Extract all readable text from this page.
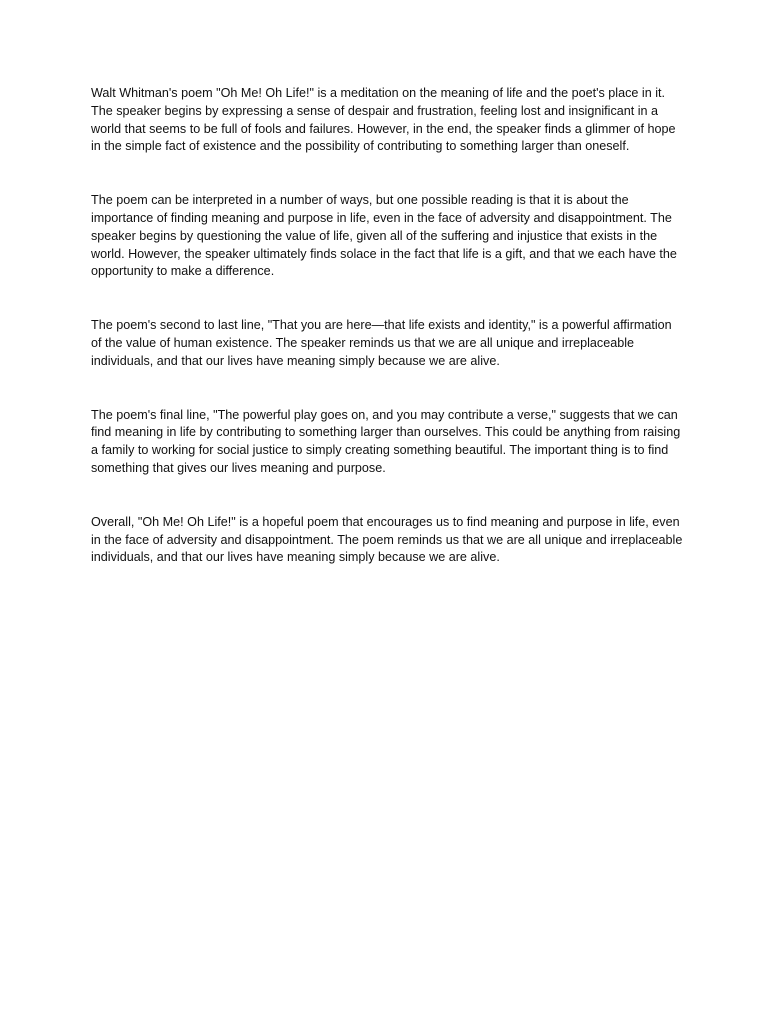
Walt Whitman's poem "Oh Me! Oh Life!" is a meditation on the meaning of life and the poet's place in it. The speaker begins by expressing a sense of despair and frustration, feeling lost and insignificant in a world that seems to be full of fools and failures. However, in the end, the speaker finds a glimmer of hope in the simple fact of existence and the possibility of contributing to something larger than oneself.

The poem can be interpreted in a number of ways, but one possible reading is that it is about the importance of finding meaning and purpose in life, even in the face of adversity and disappointment. The speaker begins by questioning the value of life, given all of the suffering and injustice that exists in the world. However, the speaker ultimately finds solace in the fact that life is a gift, and that we each have the opportunity to make a difference.

The poem's second to last line, "That you are here—that life exists and identity," is a powerful affirmation of the value of human existence. The speaker reminds us that we are all unique and irreplaceable individuals, and that our lives have meaning simply because we are alive.

The poem's final line, "The powerful play goes on, and you may contribute a verse," suggests that we can find meaning in life by contributing to something larger than ourselves. This could be anything from raising a family to working for social justice to simply creating something beautiful. The important thing is to find something that gives our lives meaning and purpose.

Overall, "Oh Me! Oh Life!" is a hopeful poem that encourages us to find meaning and purpose in life, even in the face of adversity and disappointment. The poem reminds us that we are all unique and irreplaceable individuals, and that our lives have meaning simply because we are alive.
